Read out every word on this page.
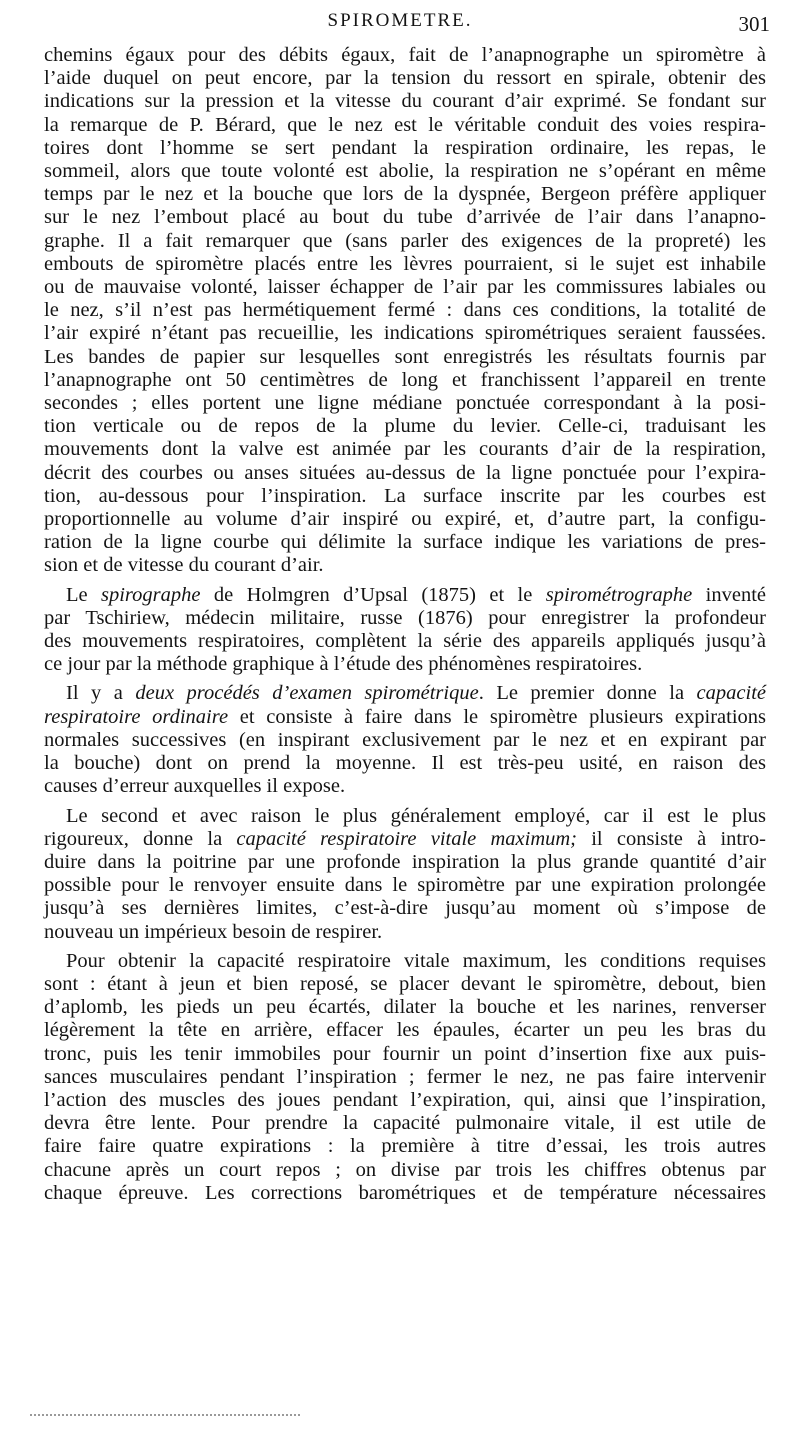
SPIROMETRE.	301
chemins égaux pour des débits égaux, fait de l’anapnographe un spiromètre à
l’aide duquel on peut encore, par la tension du ressort en spirale, obtenir des
indications sur la pression et la vitesse du courant d’air exprimé. Se fondant sur
la remarque de P. Bérard, que le nez est le véritable conduit des voies respira-
toires dont l’homme se sert pendant la respiration ordinaire, les repas, le
sommeil, alors que toute volonté est abolie, la respiration ne s’opérant en même
temps par le nez et la bouche que lors de la dyspnée, Bergeon préfère appliquer
sur le nez l’embout placé au bout du tube d’arrivée de l’air dans l’anapno-
graphe. Il a fait remarquer que (sans parler des exigences de la propreté) les
embouts de spiromètre placés entre les lèvres pourraient, si le sujet est inhabile
ou de mauvaise volonté, laisser échapper de l’air par les commissures labiales ou
le nez, s’il n’est pas hermétiquement fermé : dans ces conditions, la totalité de
l’air expiré n’étant pas recueillie, les indications spirométriques seraient faussées.
Les bandes de papier sur lesquelles sont enregistrés les résultats fournis par
l’anapnographe ont 50 centimètres de long et franchissent l’appareil en trente
secondes ; elles portent une ligne médiane ponctuée correspondant à la posi-
tion verticale ou de repos de la plume du levier. Celle-ci, traduisant les
mouvements dont la valve est animée par les courants d’air de la respiration,
décrit des courbes ou anses situées au-dessus de la ligne ponctuée pour l’expira-
tion, au-dessous pour l’inspiration. La surface inscrite par les courbes est
proportionnelle au volume d’air inspiré ou expiré, et, d’autre part, la configu-
ration de la ligne courbe qui délimite la surface indique les variations de pres-
sion et de vitesse du courant d’air.
Le spirographe de Holmgren d’Upsal (1875) et le spirométrographe inventé
par Tschiriew, médecin militaire, russe (1876) pour enregistrer la profondeur
des mouvements respiratoires, complètent la série des appareils appliqués jusqu’à
ce jour par la méthode graphique à l’étude des phénomènes respiratoires.
Il y a deux procédés d’examen spirométrique. Le premier donne la capacité
respiratoire ordinaire et consiste à faire dans le spiromètre plusieurs expirations
normales successives (en inspirant exclusivement par le nez et en expirant par
la bouche) dont on prend la moyenne. Il est très-peu usité, en raison des
causes d’erreur auxquelles il expose.
Le second et avec raison le plus généralement employé, car il est le plus
rigoureux, donne la capacité respiratoire vitale maximum; il consiste à intro-
duire dans la poitrine par une profonde inspiration la plus grande quantité d’air
possible pour le renvoyer ensuite dans le spiromètre par une expiration prolongée
jusqu’à ses dernières limites, c’est-à-dire jusqu’au moment où s’impose de
nouveau un impérieux besoin de respirer.
Pour obtenir la capacité respiratoire vitale maximum, les conditions requises
sont : étant à jeun et bien reposé, se placer devant le spiromètre, debout, bien
d’aplomb, les pieds un peu écartés, dilater la bouche et les narines, renverser
légèrement la tête en arrière, effacer les épaules, écarter un peu les bras du
tronc, puis les tenir immobiles pour fournir un point d’insertion fixe aux puis-
sances musculaires pendant l’inspiration ; fermer le nez, ne pas faire intervenir
l’action des muscles des joues pendant l’expiration, qui, ainsi que l’inspiration,
devra être lente. Pour prendre la capacité pulmonaire vitale, il est utile de
faire faire quatre expirations : la première à titre d’essai, les trois autres
chacune après un court repos ; on divise par trois les chiffres obtenus par
chaque épreuve. Les corrections barométriques et de température nécessaires
